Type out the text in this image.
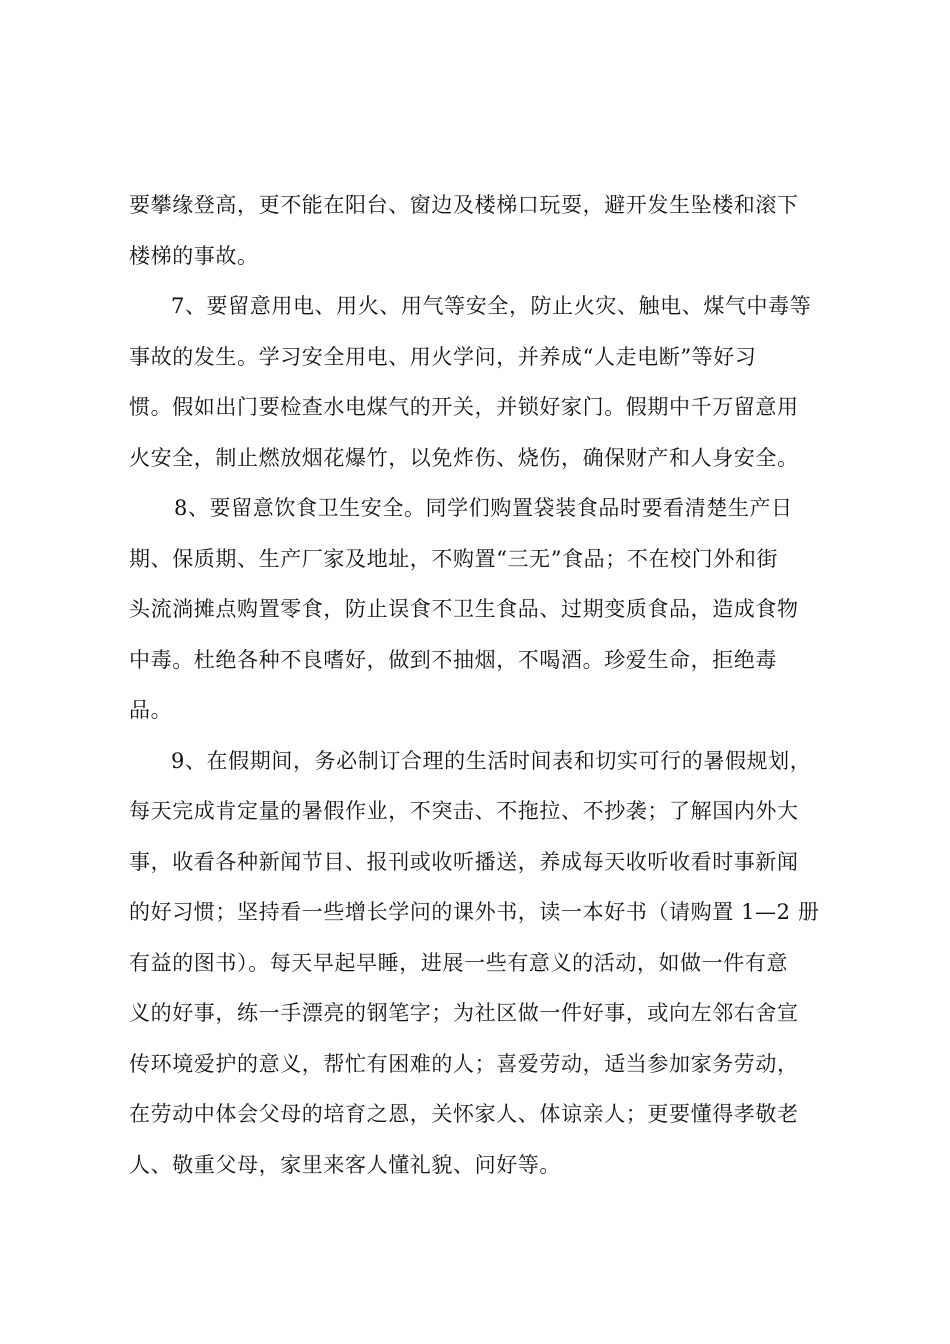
要攀缘登高，更不能在阳台、窗边及楼梯口玩耍，避开发生坠楼和滚下
楼梯的事故。
7、要留意用电、用火、用气等安全，防止火灾、触电、煤气中毒等
事故的发生。学习安全用电、用火学问，并养成“人走电断”等好习
惯。假如出门要检查水电煤气的开关，并锁好家门。假期中千万留意用
火安全，制止燃放烟花爆竹，以免炸伤、烧伤，确保财产和人身安全。
8、要留意饮食卫生安全。同学们购置袋装食品时要看清楚生产日
期、保质期、生产厂家及地址，不购置“三无”食品；不在校门外和街
头流淌摊点购置零食，防止误食不卫生食品、过期变质食品，造成食物
中毒。杜绝各种不良嗜好，做到不抽烟，不喝酒。珍爱生命，拒绝毒
品。
9、在假期间，务必制订合理的生活时间表和切实可行的暑假规划，
每天完成肯定量的暑假作业，不突击、不拖拉、不抄袭；了解国内外大
事，收看各种新闻节目、报刊或收听播送，养成每天收听收看时事新闻
的好习惯；坚持看一些增长学问的课外书，读一本好书（请购置 1—2 册
有益的图书）。每天早起早睡，进展一些有意义的活动，如做一件有意
义的好事，练一手漂亮的钢笔字；为社区做一件好事，或向左邻右舍宣
传环境爱护的意义，帮忙有困难的人；喜爱劳动，适当参加家务劳动，
在劳动中体会父母的培育之恩，关怀家人、体谅亲人；更要懂得孝敬老
人、敬重父母，家里来客人懂礼貌、问好等。
